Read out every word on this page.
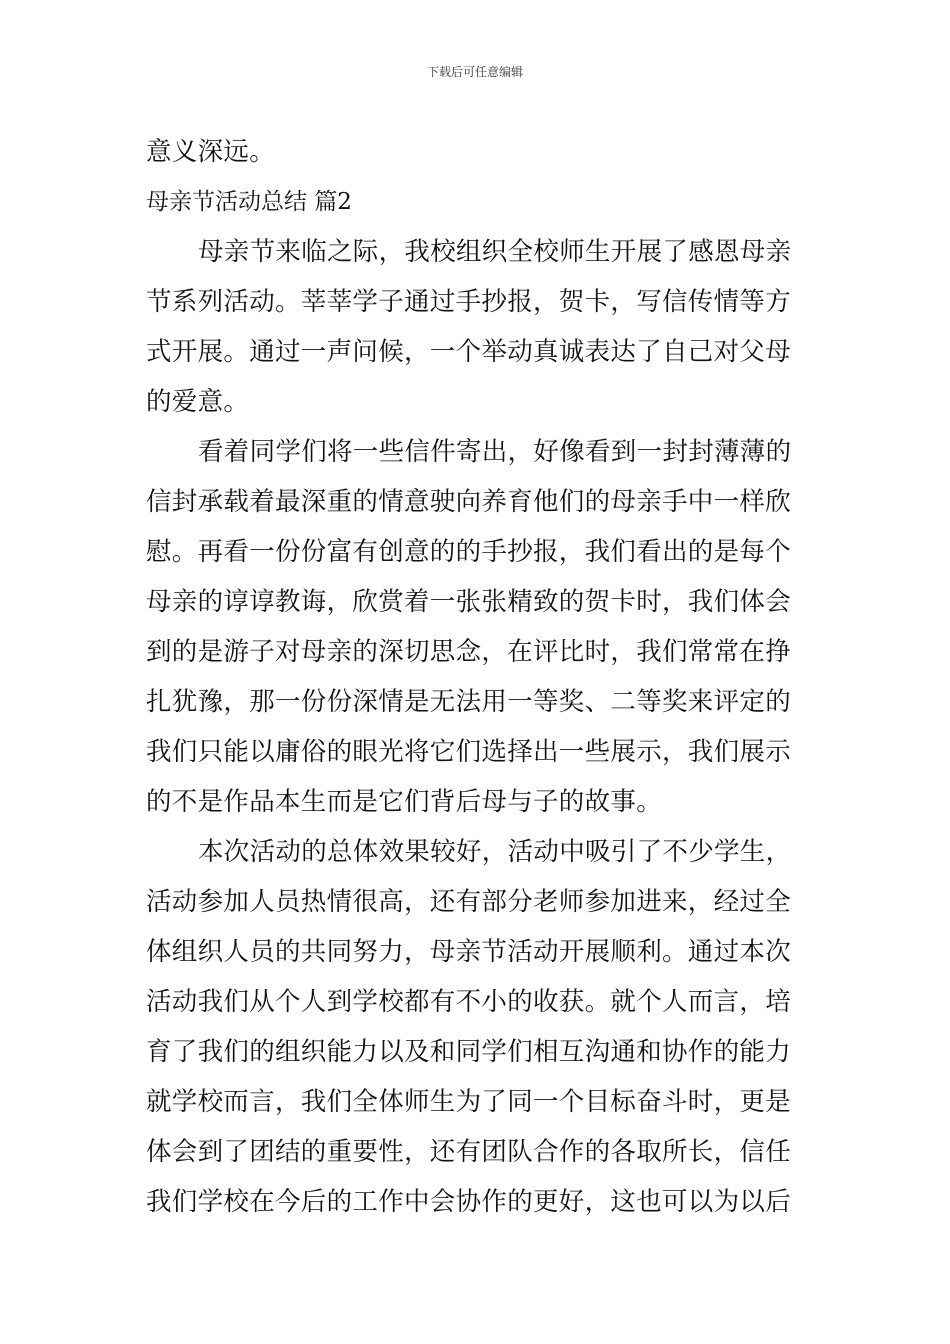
下载后可任意编辑
意义深远。
母亲节活动总结 篇2
母亲节来临之际，我校组织全校师生开展了感恩母亲
节系列活动。莘莘学子通过手抄报，贺卡，写信传情等方
式开展。通过一声问候，一个举动真诚表达了自己对父母
的爱意。
看着同学们将一些信件寄出，好像看到一封封薄薄的
信封承载着最深重的情意驶向养育他们的母亲手中一样欣
慰。再看一份份富有创意的的手抄报，我们看出的是每个
母亲的谆谆教诲，欣赏着一张张精致的贺卡时，我们体会
到的是游子对母亲的深切思念，在评比时，我们常常在挣
扎犹豫，那一份份深情是无法用一等奖、二等奖来评定的
我们只能以庸俗的眼光将它们选择出一些展示，我们展示
的不是作品本生而是它们背后母与子的故事。
本次活动的总体效果较好，活动中吸引了不少学生，
活动参加人员热情很高，还有部分老师参加进来，经过全
体组织人员的共同努力，母亲节活动开展顺利。通过本次
活动我们从个人到学校都有不小的收获。就个人而言，培
育了我们的组织能力以及和同学们相互沟通和协作的能力
就学校而言，我们全体师生为了同一个目标奋斗时，更是
体会到了团结的重要性，还有团队合作的各取所长，信任
我们学校在今后的工作中会协作的更好，这也可以为以后
